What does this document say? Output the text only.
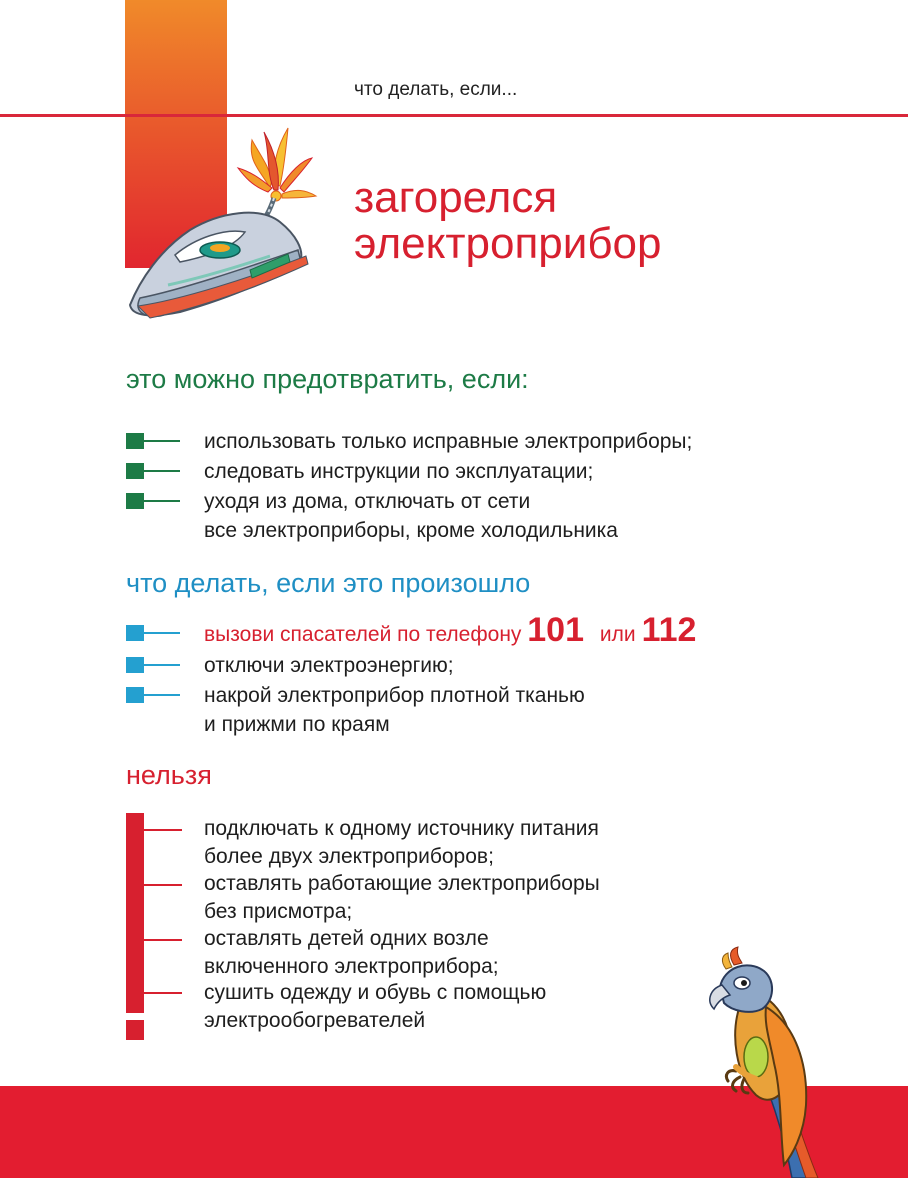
что делать, если...
загорелся
электроприбор
это можно предотвратить, если:
использовать только исправные электроприборы;
следовать инструкции по эксплуатации;
уходя из дома, отключать от сети
все электроприборы, кроме холодильника
что делать, если это произошло
вызови спасателей по телефону 101 или 112
отключи электроэнергию;
накрой электроприбор плотной тканью
и прижми по краям
нельзя
подключать к одному источнику питания
более двух электроприборов;
оставлять работающие электроприборы
без присмотра;
оставлять детей одних возле
включенного электроприбора;
сушить одежду и обувь с помощью
электрообогревателей
